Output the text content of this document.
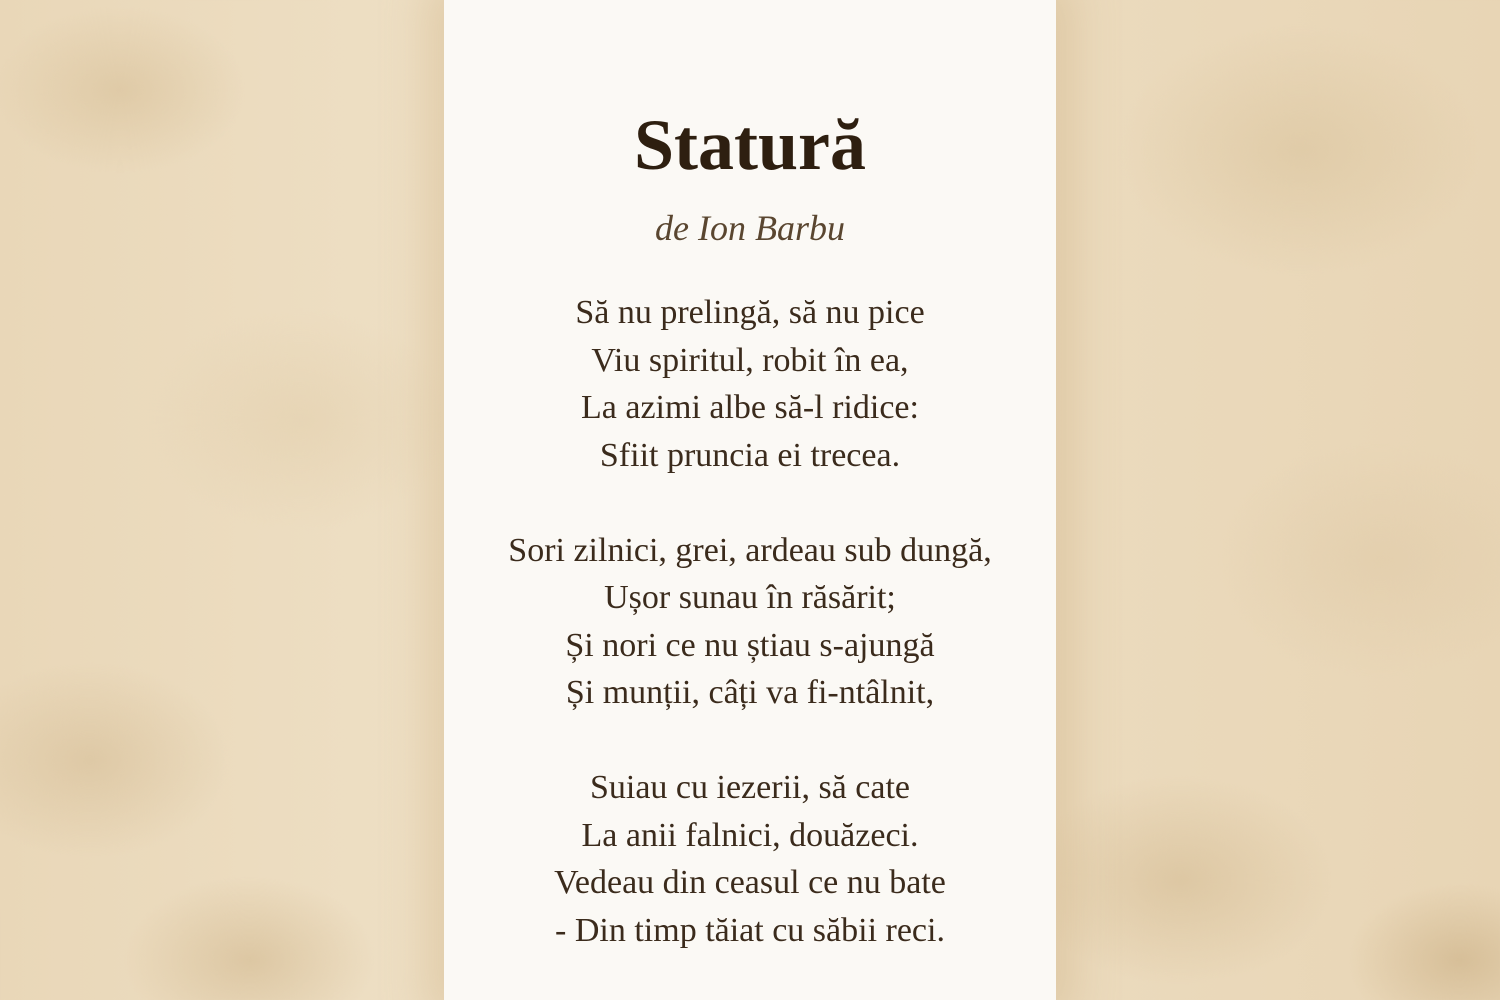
Statură
de Ion Barbu
Să nu prelingă, să nu pice
Viu spiritul, robit în ea,
La azimi albe să-l ridice:
Sfiit pruncia ei trecea.
Sori zilnici, grei, ardeau sub dungă,
Ușor sunau în răsărit;
Și nori ce nu știau s-ajungă
Și munții, câți va fi-ntâlnit,
Suiau cu iezerii, să cate
La anii falnici, douăzeci.
Vedeau din ceasul ce nu bate
- Din timp tăiat cu săbii reci.
